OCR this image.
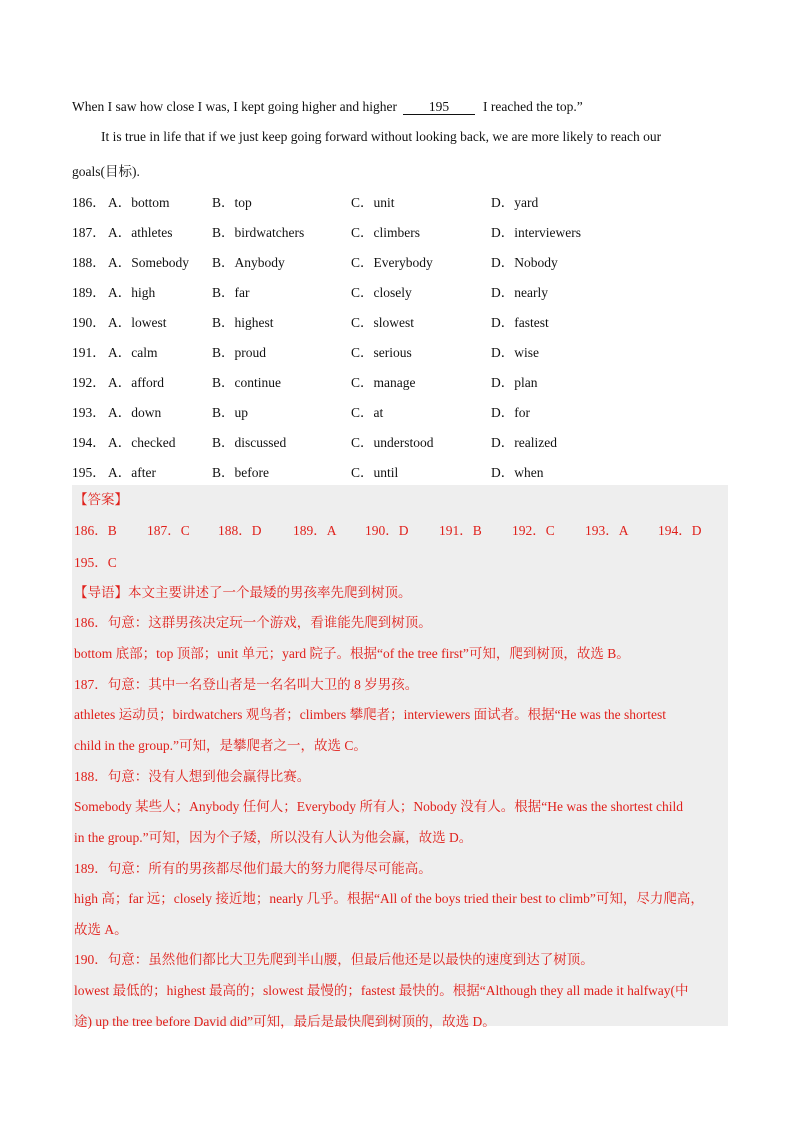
When I saw how close I was, I kept going higher and higher 195	I reached the top.”
It is true in life that if we just keep going forward without looking back, we are more likely to reach our
goals(目标).
186． A．bottom	B．top	C．unit	D．yard
187． A．athletes	B．birdwatchers	C．climbers	D．interviewers
188． A．Somebody B．Anybody	C．Everybody	D．Nobody
189． A．high	B．far	C．closely	D．nearly
190． A．lowest	B．highest	C．slowest	D．fastest
191． A．calm	B．proud	C．serious	D．wise
192． A．afford	B．continue	C．manage	D．plan
193． A．down	B．up	C．at	D．for
194． A．checked	B．discussed	C．understood	D．realized
195． A．after	B．before	C．until	D．when
【答案】
186．B 187．C 188．D 189．A 190．D 191．B 192．C 193．A 194．D
195．C
【导语】本文主要讲述了一个最矮的男孩率先爬到树顶。
186．句意：这群男孩决定玩一个游戏，看谁能先爬到树顶。
bottom 底部；top 顶部；unit 单元；yard 院子。根据“of the tree first”可知，爬到树顶，故选 B。
187．句意：其中一名登山者是一名名叫大卫的 8 岁男孩。
athletes 运动员；birdwatchers 观鸟者；climbers 攀爬者；interviewers 面试者。根据“He was the shortest
child in the group.”可知，是攀爬者之一，故选 C。
188．句意：没有人想到他会赢得比赛。
Somebody 某些人；Anybody 任何人；Everybody 所有人；Nobody 没有人。根据“He was the shortest child
in the group.”可知，因为个子矮，所以没有人认为他会赢，故选 D。
189．句意：所有的男孩都尽他们最大的努力爬得尽可能高。
high 高；far 远；closely 接近地；nearly 几乎。根据“All of the boys tried their best to climb”可知，尽力爬高，
故选 A。
190．句意：虽然他们都比大卫先爬到半山腰，但最后他还是以最快的速度到达了树顶。
lowest 最低的；highest 最高的；slowest 最慢的；fastest 最快的。根据“Although they all made it halfway(中
途) up the tree before David did”可知，最后是最快爬到树顶的，故选 D。
